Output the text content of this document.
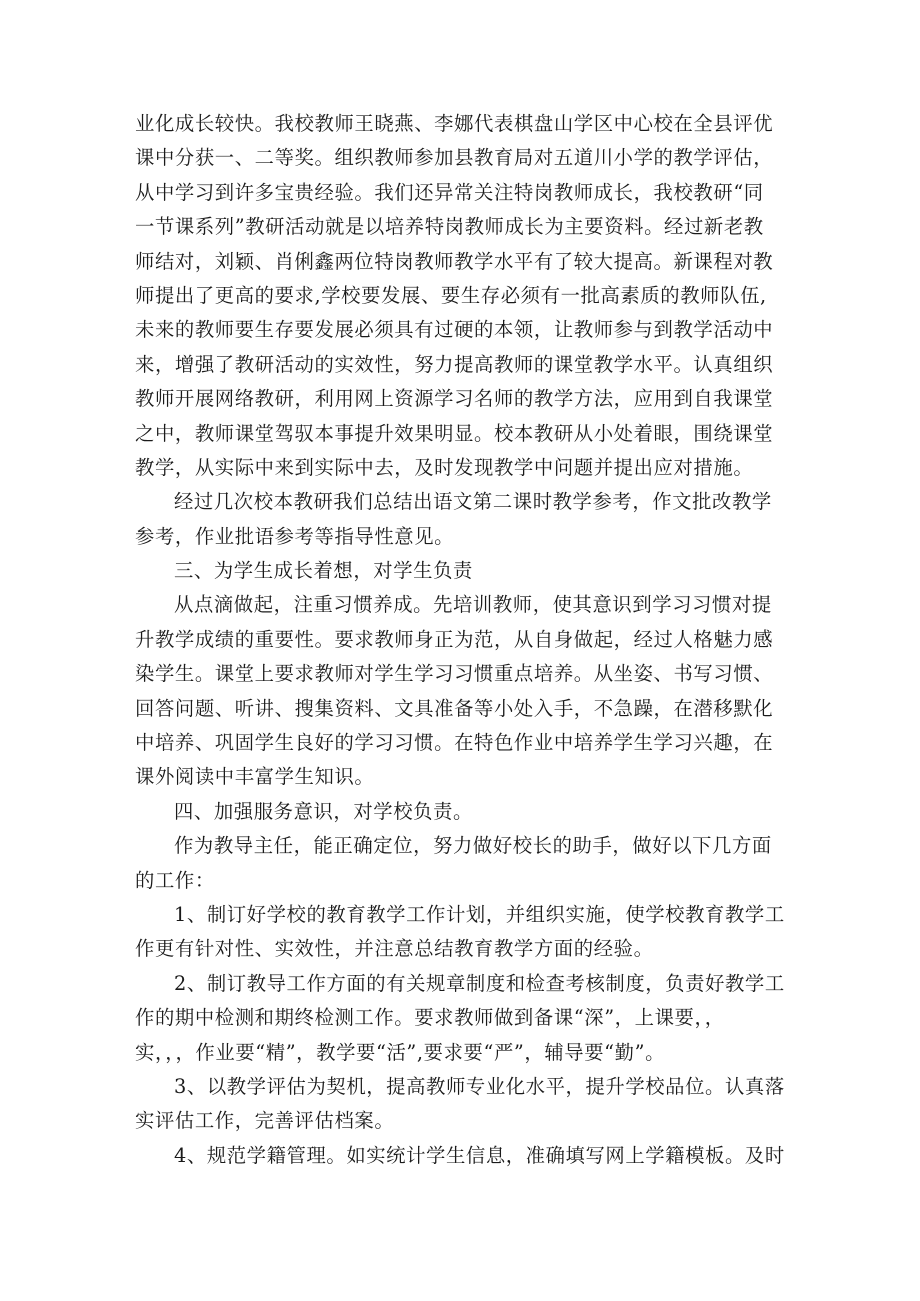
业化成长较快。我校教师王晓燕、李娜代表棋盘山学区中心校在全县评优
课中分获一、二等奖。组织教师参加县教育局对五道川小学的教学评估，
从中学习到许多宝贵经验。我们还异常关注特岗教师成长，我校教研“同
一节课系列”教研活动就是以培养特岗教师成长为主要资料。经过新老教
师结对，刘颖、肖俐鑫两位特岗教师教学水平有了较大提高。新课程对教
师提出了更高的要求,学校要发展、要生存必须有一批高素质的教师队伍,
未来的教师要生存要发展必须具有过硬的本领，让教师参与到教学活动中
来，增强了教研活动的实效性，努力提高教师的课堂教学水平。认真组织
教师开展网络教研，利用网上资源学习名师的教学方法，应用到自我课堂
之中，教师课堂驾驭本事提升效果明显。校本教研从小处着眼，围绕课堂
教学，从实际中来到实际中去，及时发现教学中问题并提出应对措施。
经过几次校本教研我们总结出语文第二课时教学参考，作文批改教学
参考，作业批语参考等指导性意见。
三、为学生成长着想，对学生负责
从点滴做起，注重习惯养成。先培训教师，使其意识到学习习惯对提
升教学成绩的重要性。要求教师身正为范，从自身做起，经过人格魅力感
染学生。课堂上要求教师对学生学习习惯重点培养。从坐姿、书写习惯、
回答问题、听讲、搜集资料、文具准备等小处入手，不急躁，在潜移默化
中培养、巩固学生良好的学习习惯。在特色作业中培养学生学习兴趣，在
课外阅读中丰富学生知识。
四、加强服务意识，对学校负责。
作为教导主任，能正确定位，努力做好校长的助手，做好以下几方面
的工作：
1、制订好学校的教育教学工作计划，并组织实施，使学校教育教学工
作更有针对性、实效性，并注意总结教育教学方面的经验。
2、制订教导工作方面的有关规章制度和检查考核制度，负责好教学工
作的期中检测和期终检测工作。要求教师做到备课“深”，上课要，，
实，，，作业要“精”，教学要“活”,要求要“严”，辅导要“勤”。
3、以教学评估为契机，提高教师专业化水平，提升学校品位。认真落
实评估工作，完善评估档案。
4、规范学籍管理。如实统计学生信息，准确填写网上学籍模板。及时
